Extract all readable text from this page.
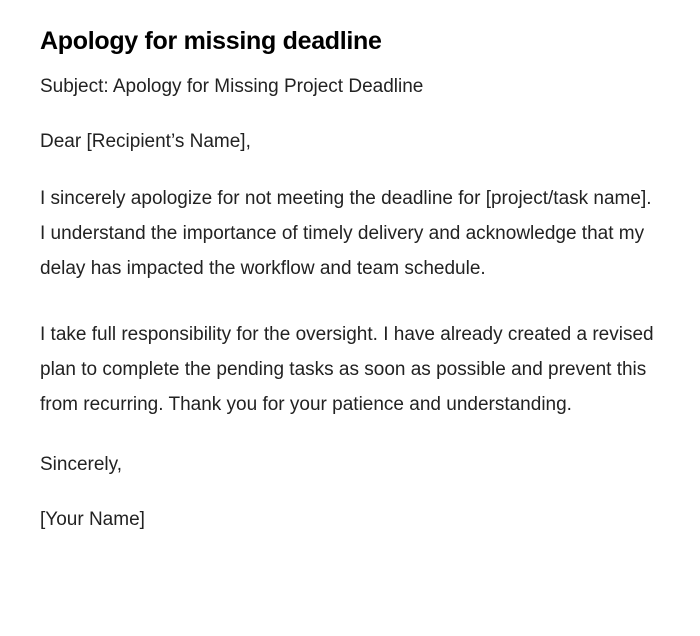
Apology for missing deadline

Subject: Apology for Missing Project Deadline

Dear [Recipient’s Name],

I sincerely apologize for not meeting the deadline for [project/task name]. I understand the importance of timely delivery and acknowledge that my delay has impacted the workflow and team schedule.

I take full responsibility for the oversight. I have already created a revised plan to complete the pending tasks as soon as possible and prevent this from recurring. Thank you for your patience and understanding.

Sincerely,

[Your Name]
